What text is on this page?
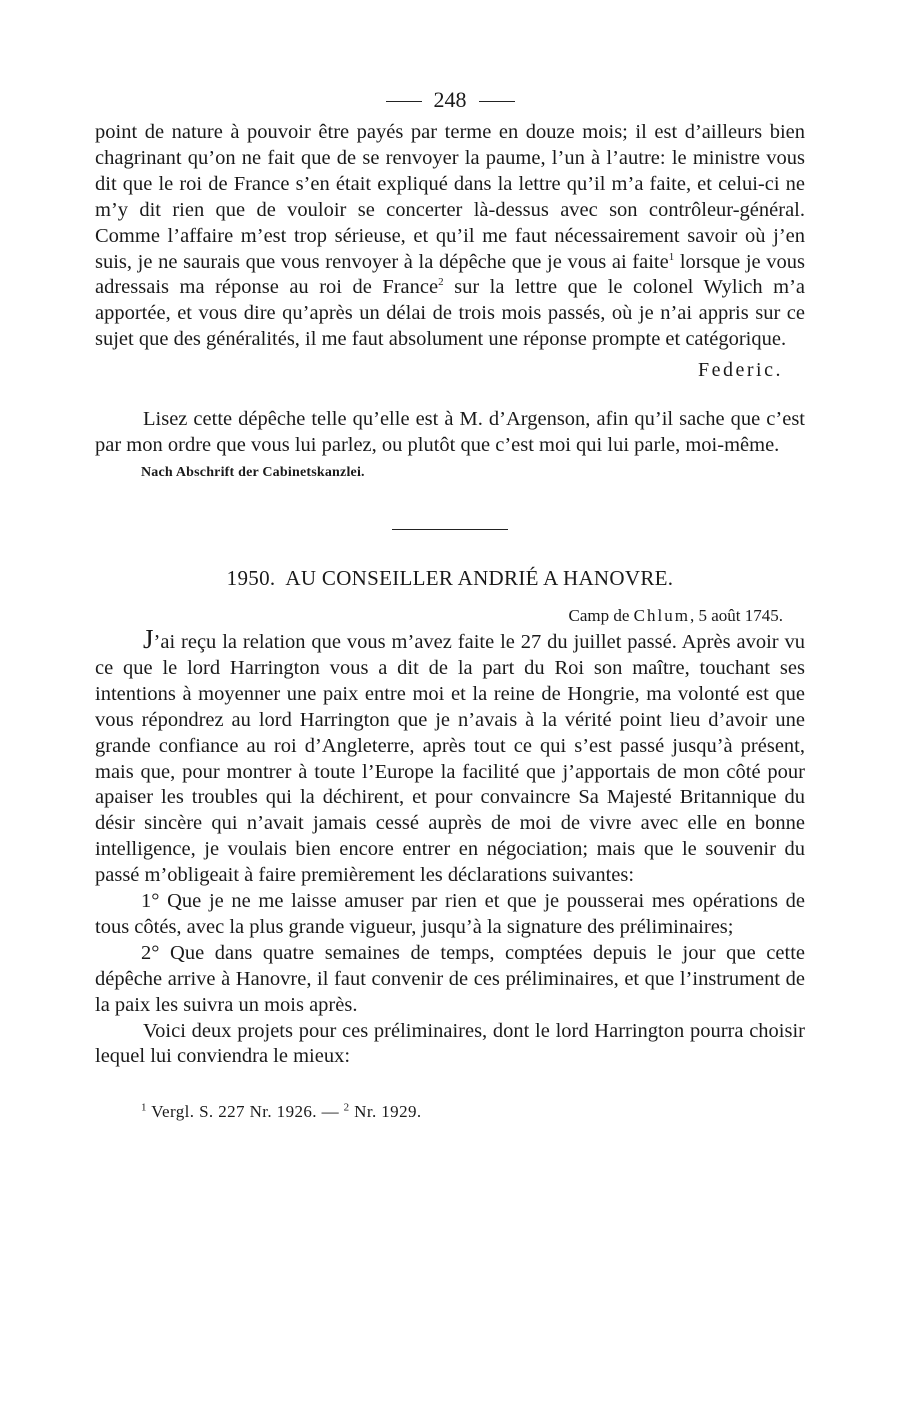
248

point de nature à pouvoir être payés par terme en douze mois; il est d’ailleurs bien chagrinant qu’on ne fait que de se renvoyer la paume, l’un à l’autre: le ministre vous dit que le roi de France s’en était expliqué dans la lettre qu’il m’a faite, et celui-ci ne m’y dit rien que de vouloir se concerter là-dessus avec son contrôleur-général. Comme l’affaire m’est trop sérieuse, et qu’il me faut nécessairement savoir où j’en suis, je ne saurais que vous renvoyer à la dépêche que je vous ai faite$^1$ lorsque je vous adressais ma réponse au roi de France$^2$ sur la lettre que le colonel Wylich m’a apportée, et vous dire qu’après un délai de trois mois passés, où je n’ai appris sur ce sujet que des généralités, il me faut absolument une réponse prompte et catégorique.

Federic.

Lisez cette dépêche telle qu’elle est à M. d’Argenson, afin qu’il sache que c’est par mon ordre que vous lui parlez, ou plutôt que c’est moi qui lui parle, moi-même.

Nach Abschrift der Cabinetskanzlei.
1950. AU CONSEILLER ANDRIÉ A HANOVRE.
Camp de Chlum, 5 août 1745.

J’ai reçu la relation que vous m’avez faite le 27 du juillet passé. Après avoir vu ce que le lord Harrington vous a dit de la part du Roi son maître, touchant ses intentions à moyenner une paix entre moi et la reine de Hongrie, ma volonté est que vous répondrez au lord Harrington que je n’avais à la vérité point lieu d’avoir une grande confiance au roi d’Angleterre, après tout ce qui s’est passé jusqu’à présent, mais que, pour montrer à toute l’Europe la facilité que j’apportais de mon côté pour apaiser les troubles qui la déchirent, et pour convaincre Sa Majesté Britannique du désir sincère qui n’avait jamais cessé auprès de moi de vivre avec elle en bonne intelligence, je voulais bien encore entrer en négociation; mais que le souvenir du passé m’obligeait à faire premièrement les déclarations suivantes:

1° Que je ne me laisse amuser par rien et que je pousserai mes opérations de tous côtés, avec la plus grande vigueur, jusqu’à la signature des préliminaires;

2° Que dans quatre semaines de temps, comptées depuis le jour que cette dépêche arrive à Hanovre, il faut convenir de ces préliminaires, et que l’instrument de la paix les suivra un mois après.

Voici deux projets pour ces préliminaires, dont le lord Harrington pourra choisir lequel lui conviendra le mieux:

$^1$ Vergl. S. 227 Nr. 1926. — $^2$ Nr. 1929.
